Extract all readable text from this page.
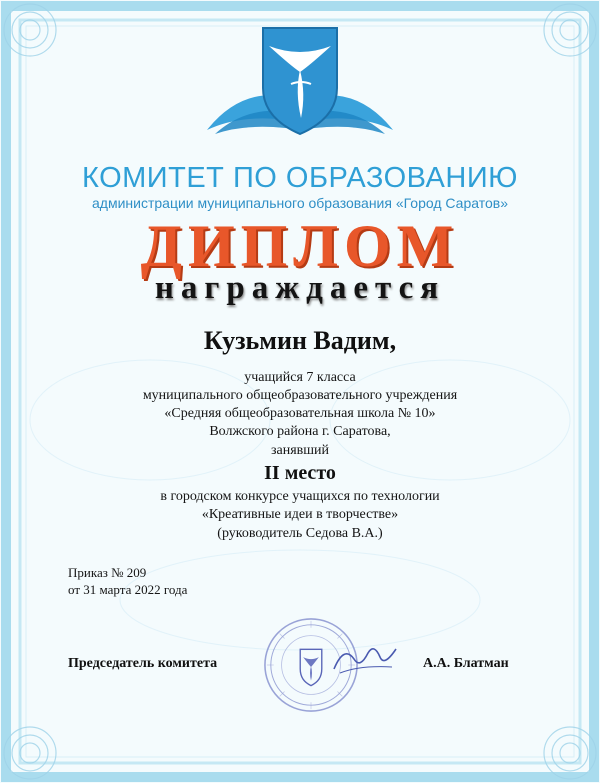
КОМИТЕТ ПО ОБРАЗОВАНИЮ
администрации муниципального образования «Город Саратов»
ДИПЛОМ
награждается
Кузьмин Вадим,
учащийся 7 класса
муниципального общеобразовательного учреждения
«Средняя общеобразовательная школа № 10»
Волжского района г. Саратова,
занявший
II место
в городском конкурсе учащихся по технологии
«Креативные идеи в творчестве»
(руководитель Седова В.А.)
Приказ № 209
от 31 марта 2022 года
Председатель комитета	А.А. Блатман
